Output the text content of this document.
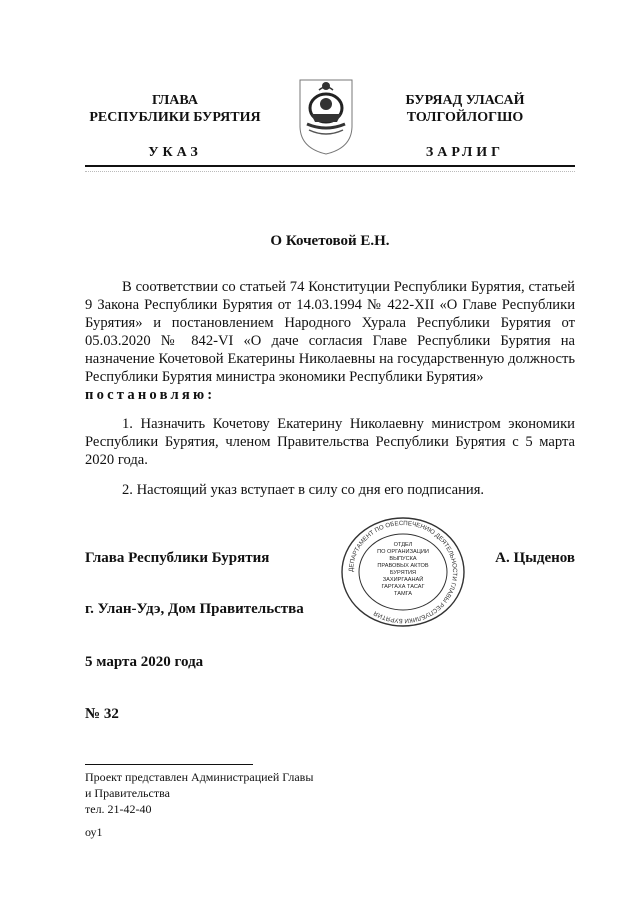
ГЛАВА
РЕСПУБЛИКИ БУРЯТИЯ
УКАЗ
БУРЯАД УЛАСАЙ
ТОЛГОЙЛОГШО
ЗАРЛИГ
О Кочетовой Е.Н.

В соответствии со статьей 74 Конституции Республики Бурятия, статьей 9 Закона Республики Бурятия от 14.03.1994 № 422-XII «О Главе Республики Бурятия» и постановлением Народного Хурала Республики Бурятия от 05.03.2020 № 842-VI «О даче согласия Главе Республики Бурятия на назначение Кочетовой Екатерины Николаевны на государственную должность Республики Бурятия министра экономики Республики Бурятия»

постановляю:

1. Назначить Кочетову Екатерину Николаевну министром экономики Республики Бурятия, членом Правительства Республики Бурятия с 5 марта 2020 года.

2. Настоящий указ вступает в силу со дня его подписания.

Глава Республики Бурятия
ДЕПАРТАМЕНТ ПО ОБЕСПЕЧЕНИЮ ДЕЯТЕЛЬНОСТИ ГЛАВЫ РЕСПУБЛИКИ БУРЯТИЯ
ОТДЕЛ
ПО ОРГАНИЗАЦИИ
ВЫПУСКА
ПРАВОВЫХ АКТОВ
БУРЯТИЯ
ЗАХИРГААНАЙ
ГАРГАХА ТАСАГ
ТАМГА
А. Цыденов
г. Улан-Удэ, Дом Правительства
5 марта 2020 года
№ 32
Проект представлен Администрацией Главы
и Правительства
тел. 21-42-40
оу1
